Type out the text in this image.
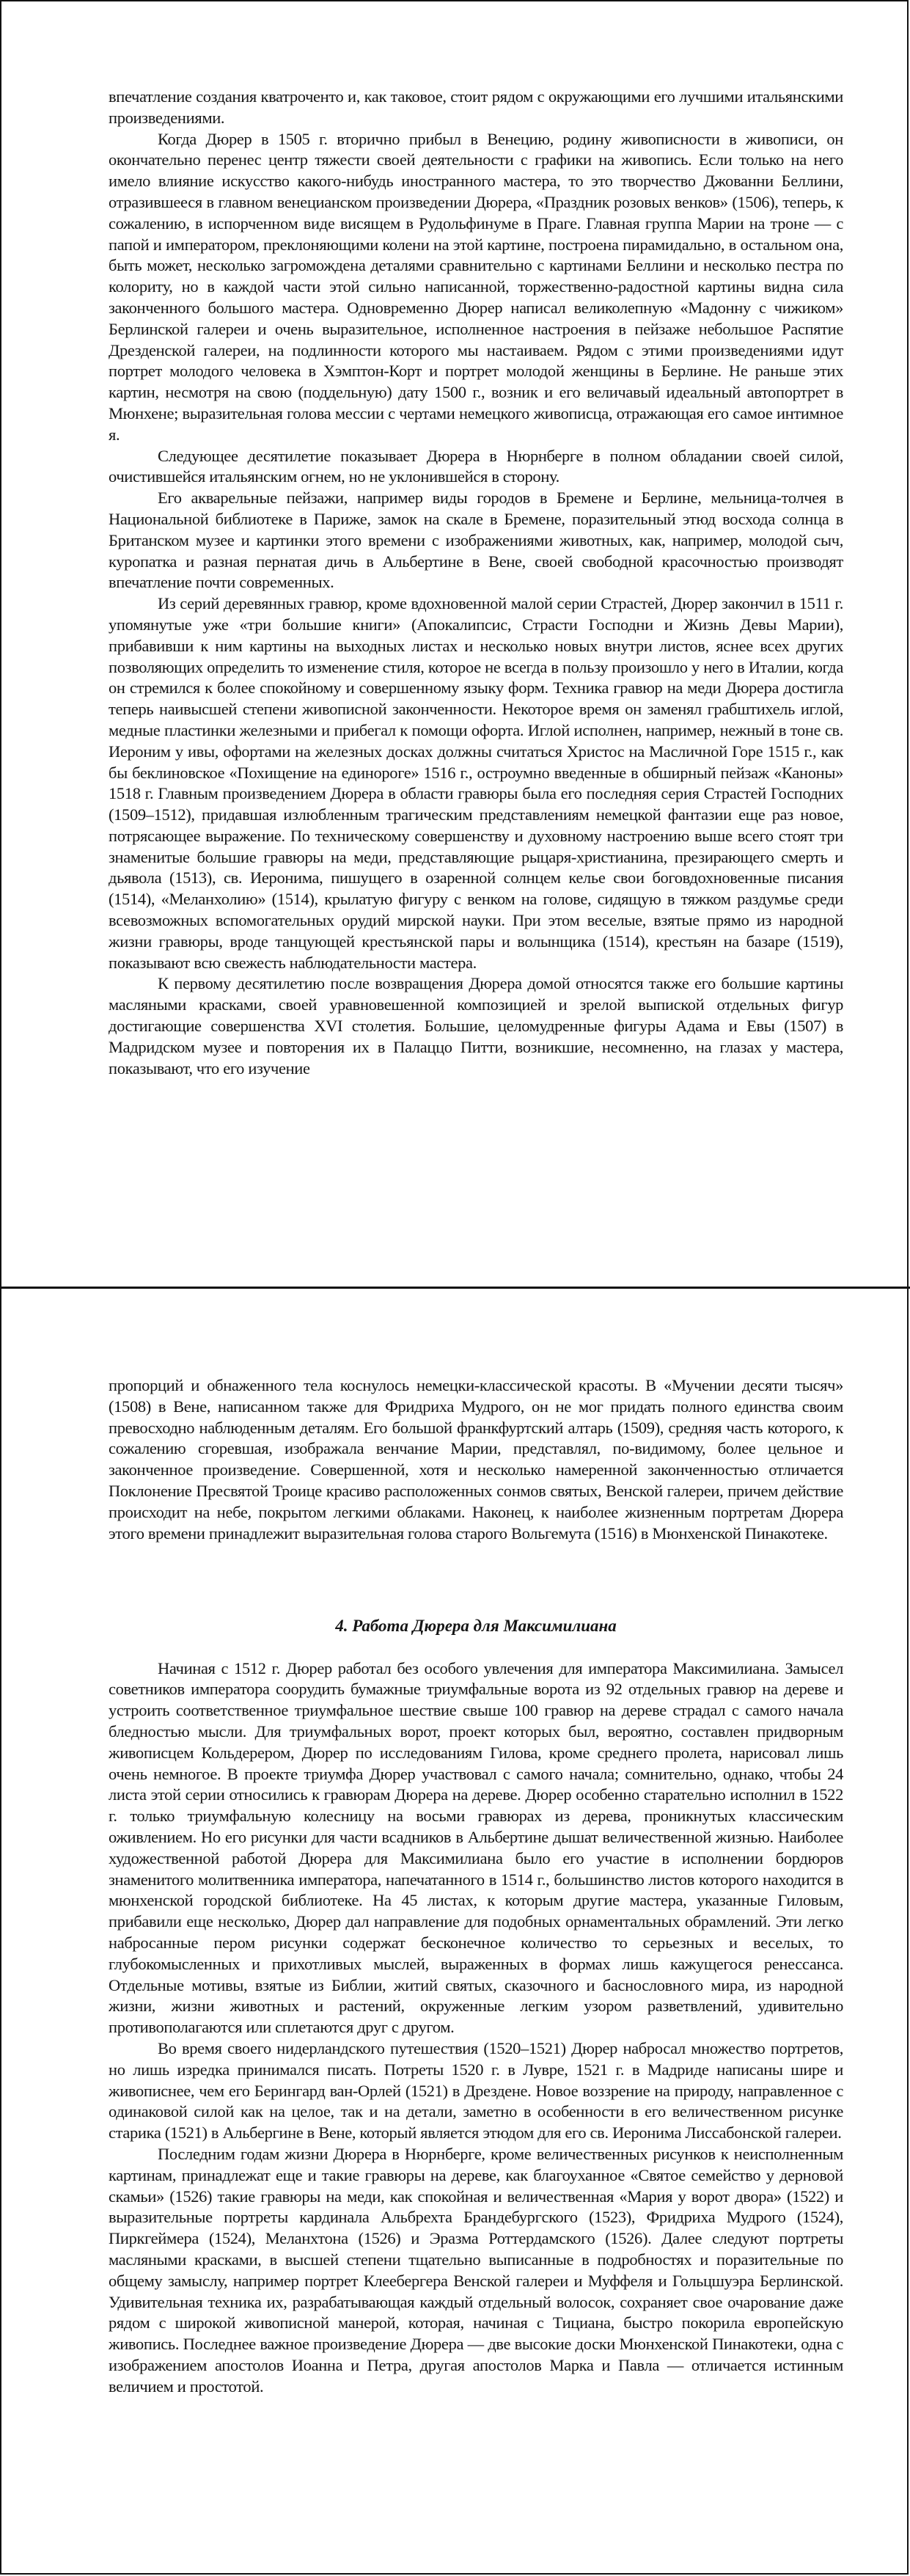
впечатление создания кватроченто и, как таковое, стоит рядом с окружающими его лучшими итальянскими произведениями.

Когда Дюрер в 1505 г. вторично прибыл в Венецию, родину живописности в живописи, он окончательно перенес центр тяжести своей деятельности с графики на живопись. Если только на него имело влияние искусство какого-нибудь иностранного мастера, то это творчество Джованни Беллини, отразившееся в главном венецианском произведении Дюрера, «Праздник розовых венков» (1506), теперь, к сожалению, в испорченном виде висящем в Рудольфинуме в Праге. Главная группа Марии на троне — с папой и императором, преклоняющими колени на этой картине, построена пирамидально, в остальном она, быть может, несколько загромождена деталями сравнительно с картинами Беллини и несколько пестра по колориту, но в каждой части этой сильно написанной, торжественно-радостной картины видна сила законченного большого мастера. Одновременно Дюрер написал великолепную «Мадонну с чижиком» Берлинской галереи и очень выразительное, исполненное настроения в пейзаже небольшое Распятие Дрезденской галереи, на подлинности которого мы настаиваем. Рядом с этими произведениями идут портрет молодого человека в Хэмптон-Корт и портрет молодой женщины в Берлине. Не раньше этих картин, несмотря на свою (поддельную) дату 1500 г., возник и его величавый идеальный автопортрет в Мюнхене; выразительная голова мессии с чертами немецкого живописца, отражающая его самое интимное я.

Следующее десятилетие показывает Дюрера в Нюрнберге в полном обладании своей силой, очистившейся итальянским огнем, но не уклонившейся в сторону.

Его акварельные пейзажи, например виды городов в Бремене и Берлине, мельница-толчея в Национальной библиотеке в Париже, замок на скале в Бремене, поразительный этюд восхода солнца в Британском музее и картинки этого времени с изображениями животных, как, например, молодой сыч, куропатка и разная пернатая дичь в Альбертине в Вене, своей свободной красочностью производят впечатление почти современных.

Из серий деревянных гравюр, кроме вдохновенной малой серии Страстей, Дюрер закончил в 1511 г. упомянутые уже «три большие книги» (Апокалипсис, Страсти Господни и Жизнь Девы Марии), прибавивши к ним картины на выходных листах и несколько новых внутри листов, яснее всех других позволяющих определить то изменение стиля, которое не всегда в пользу произошло у него в Италии, когда он стремился к более спокойному и совершенному языку форм. Техника гравюр на меди Дюрера достигла теперь наивысшей степени живописной законченности. Некоторое время он заменял грабштихель иглой, медные пластинки железными и прибегал к помощи офорта. Иглой исполнен, например, нежный в тоне св. Иероним у ивы, офортами на железных досках должны считаться Христос на Масличной Горе 1515 г., как бы беклиновское «Похищение на единороге» 1516 г., остроумно введенные в обширный пейзаж «Каноны» 1518 г. Главным произведением Дюрера в области гравюры была его последняя серия Страстей Господних (1509–1512), придавшая излюбленным трагическим представлениям немецкой фантазии еще раз новое, потрясающее выражение. По техническому совершенству и духовному настроению выше всего стоят три знаменитые большие гравюры на меди, представляющие рыцаря-христианина, презирающего смерть и дьявола (1513), св. Иеронима, пишущего в озаренной солнцем келье свои боговдохновенные писания (1514), «Меланхолию» (1514), крылатую фигуру с венком на голове, сидящую в тяжком раздумье среди всевозможных вспомогательных орудий мирской науки. При этом веселые, взятые прямо из народной жизни гравюры, вроде танцующей крестьянской пары и волынщика (1514), крестьян на базаре (1519), показывают всю свежесть наблюдательности мастера.

К первому десятилетию после возвращения Дюрера домой относятся также его большие картины масляными красками, своей уравновешенной композицией и зрелой выпиской отдельных фигур достигающие совершенства XVI столетия. Большие, целомудренные фигуры Адама и Евы (1507) в Мадридском музее и повторения их в Палаццо Питти, возникшие, несомненно, на глазах у мастера, показывают, что его изучение

пропорций и обнаженного тела коснулось немецки-классической красоты. В «Мучении десяти тысяч» (1508) в Вене, написанном также для Фридриха Мудрого, он не мог придать полного единства своим превосходно наблюденным деталям. Его большой франкфуртский алтарь (1509), средняя часть которого, к сожалению сгоревшая, изображала венчание Марии, представлял, по-видимому, более цельное и законченное произведение. Совершенной, хотя и несколько намеренной законченностью отличается Поклонение Пресвятой Троице красиво расположенных сонмов святых, Венской галереи, причем действие происходит на небе, покрытом легкими облаками. Наконец, к наиболее жизненным портретам Дюрера этого времени принадлежит выразительная голова старого Вольгемута (1516) в Мюнхенской Пинакотеке.

4. Работа Дюрера для Максимилиана

Начиная с 1512 г. Дюрер работал без особого увлечения для императора Максимилиана. Замысел советников императора соорудить бумажные триумфальные ворота из 92 отдельных гравюр на дереве и устроить соответственное триумфальное шествие свыше 100 гравюр на дереве страдал с самого начала бледностью мысли. Для триумфальных ворот, проект которых был, вероятно, составлен придворным живописцем Кольдерером, Дюрер по исследованиям Гилова, кроме среднего пролета, нарисовал лишь очень немногое. В проекте триумфа Дюрер участвовал с самого начала; сомнительно, однако, чтобы 24 листа этой серии относились к гравюрам Дюрера на дереве. Дюрер особенно старательно исполнил в 1522 г. только триумфальную колесницу на восьми гравюрах из дерева, проникнутых классическим оживлением. Но его рисунки для части всадников в Альбертине дышат величественной жизнью. Наиболее художественной работой Дюрера для Максимилиана было его участие в исполнении бордюров знаменитого молитвенника императора, напечатанного в 1514 г., большинство листов которого находится в мюнхенской городской библиотеке. На 45 листах, к которым другие мастера, указанные Гиловым, прибавили еще несколько, Дюрер дал направление для подобных орнаментальных обрамлений. Эти легко набросанные пером рисунки содержат бесконечное количество то серьезных и веселых, то глубокомысленных и прихотливых мыслей, выраженных в формах лишь кажущегося ренессанса. Отдельные мотивы, взятые из Библии, житий святых, сказочного и баснословного мира, из народной жизни, жизни животных и растений, окруженные легким узором разветвлений, удивительно противополагаются или сплетаются друг с другом.

Во время своего нидерландского путешествия (1520–1521) Дюрер набросал множество портретов, но лишь изредка принимался писать. Потреты 1520 г. в Лувре, 1521 г. в Мадриде написаны шире и живописнее, чем его Берингард ван-Орлей (1521) в Дрездене. Новое воззрение на природу, направленное с одинаковой силой как на целое, так и на детали, заметно в особенности в его величественном рисунке старика (1521) в Альбергине в Вене, который является этюдом для его св. Иеронима Лиссабонской галереи.

Последним годам жизни Дюрера в Нюрнберге, кроме величественных рисунков к неисполненным картинам, принадлежат еще и такие гравюры на дереве, как благоуханное «Святое семейство у дерновой скамьи» (1526) такие гравюры на меди, как спокойная и величественная «Мария у ворот двора» (1522) и выразительные портреты кардинала Альбрехта Брандебургского (1523), Фридриха Мудрого (1524), Пиркгеймера (1524), Меланхтона (1526) и Эразма Роттердамского (1526). Далее следуют портреты масляными красками, в высшей степени тщательно выписанные в подробностях и поразительные по общему замыслу, например портрет Клеебергера Венской галереи и Муффеля и Гольцшуэра Берлинской. Удивительная техника их, разрабатывающая каждый отдельный волосок, сохраняет свое очарование даже рядом с широкой живописной манерой, которая, начиная с Тициана, быстро покорила европейскую живопись. Последнее важное произведение Дюрера — две высокие доски Мюнхенской Пинакотеки, одна с изображением апостолов Иоанна и Петра, другая апостолов Марка и Павла — отличается истинным величием и простотой.
